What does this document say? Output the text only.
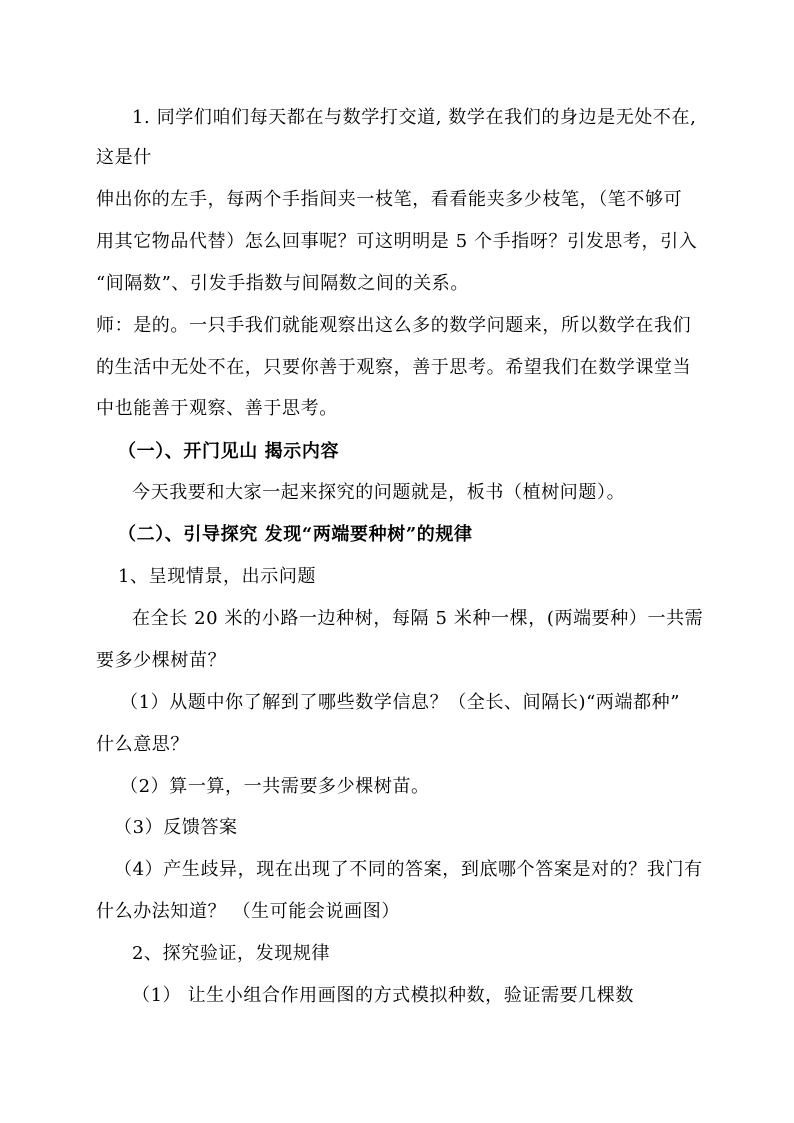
1. 同学们咱们每天都在与数学打交道, 数学在我们的身边是无处不在,
这是什
伸出你的左手，每两个手指间夹一枝笔，看看能夹多少枝笔，（笔不够可
用其它物品代替）怎么回事呢？可这明明是 5 个手指呀？引发思考，引入
“间隔数”、引发手指数与间隔数之间的关系。
师：是的。一只手我们就能观察出这么多的数学问题来，所以数学在我们
的生活中无处不在，只要你善于观察，善于思考。希望我们在数学课堂当
中也能善于观察、善于思考。
（一）、开门见山 揭示内容
今天我要和大家一起来探究的问题就是，板书（植树问题）。
（二）、引导探究 发现“两端要种树”的规律
1、呈现情景，出示问题
在全长 20 米的小路一边种树，每隔 5 米种一棵，(两端要种）一共需
要多少棵树苗？
（1）从题中你了解到了哪些数学信息？（全长、间隔长)“两端都种”
什么意思？
（2）算一算，一共需要多少棵树苗。
（3）反馈答案
（4）产生歧异，现在出现了不同的答案，到底哪个答案是对的？我门有
什么办法知道？ （生可能会说画图）
2、探究验证，发现规律
（1） 让生小组合作用画图的方式模拟种数，验证需要几棵数
